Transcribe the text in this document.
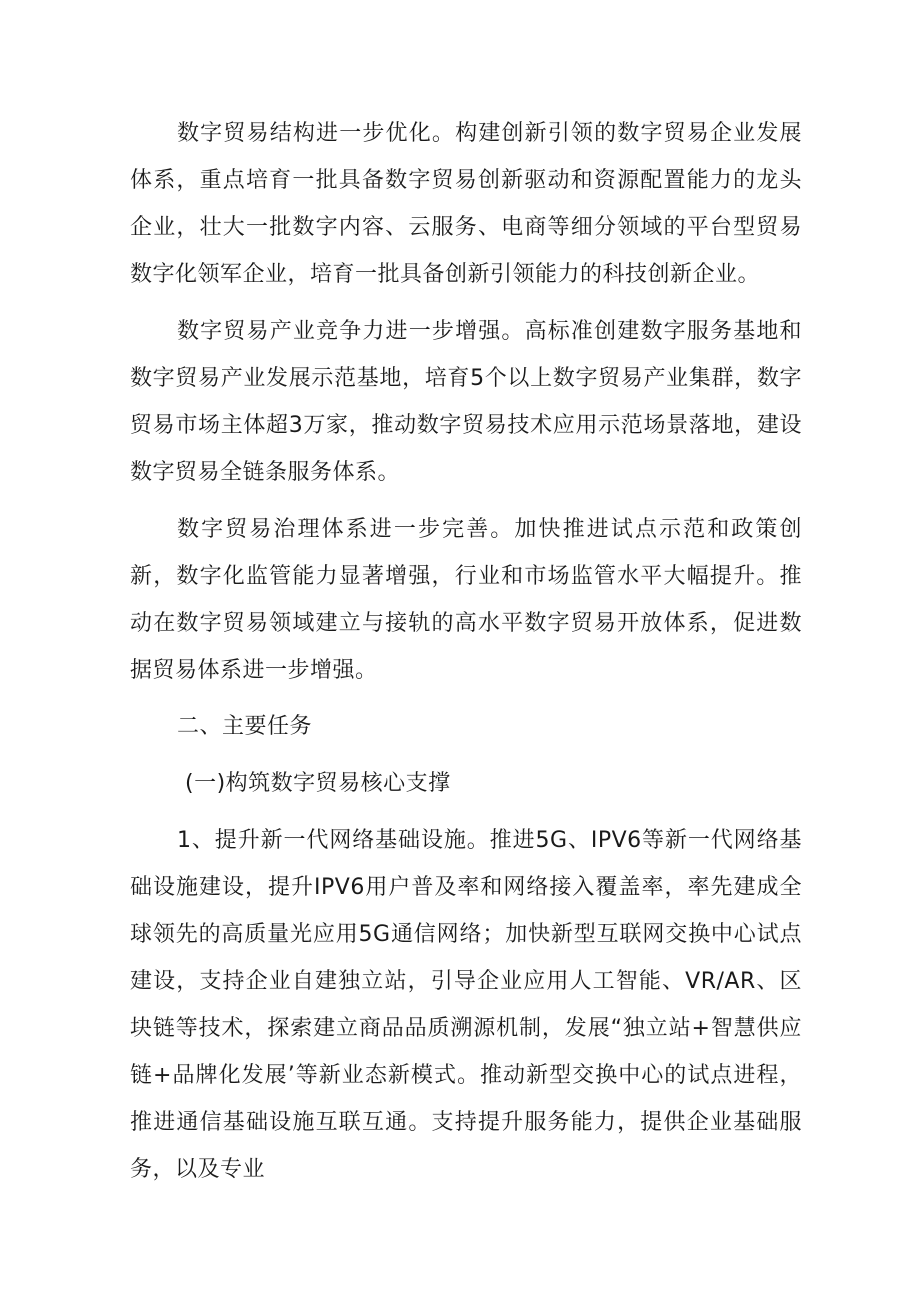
数字贸易结构进一步优化。构建创新引领的数字贸易企业发展体系，重点培育一批具备数字贸易创新驱动和资源配置能力的龙头企业，壮大一批数字内容、云服务、电商等细分领域的平台型贸易数字化领军企业，培育一批具备创新引领能力的科技创新企业。

数字贸易产业竞争力进一步增强。高标准创建数字服务基地和数字贸易产业发展示范基地，培育5个以上数字贸易产业集群，数字贸易市场主体超3万家，推动数字贸易技术应用示范场景落地，建设数字贸易全链条服务体系。

数字贸易治理体系进一步完善。加快推进试点示范和政策创新，数字化监管能力显著增强，行业和市场监管水平大幅提升。推动在数字贸易领域建立与接轨的高水平数字贸易开放体系，促进数据贸易体系进一步增强。

二、主要任务

(一)构筑数字贸易核心支撑

1、提升新一代网络基础设施。推进5G、IPV6等新一代网络基础设施建设，提升IPV6用户普及率和网络接入覆盖率，率先建成全球领先的高质量光应用5G通信网络；加快新型互联网交换中心试点建设，支持企业自建独立站，引导企业应用人工智能、VR/AR、区块链等技术，探索建立商品品质溯源机制，发展“独立站+智慧供应链+品牌化发展’等新业态新模式。推动新型交换中心的试点进程，推进通信基础设施互联互通。支持提升服务能力，提供企业基础服务，以及专业
